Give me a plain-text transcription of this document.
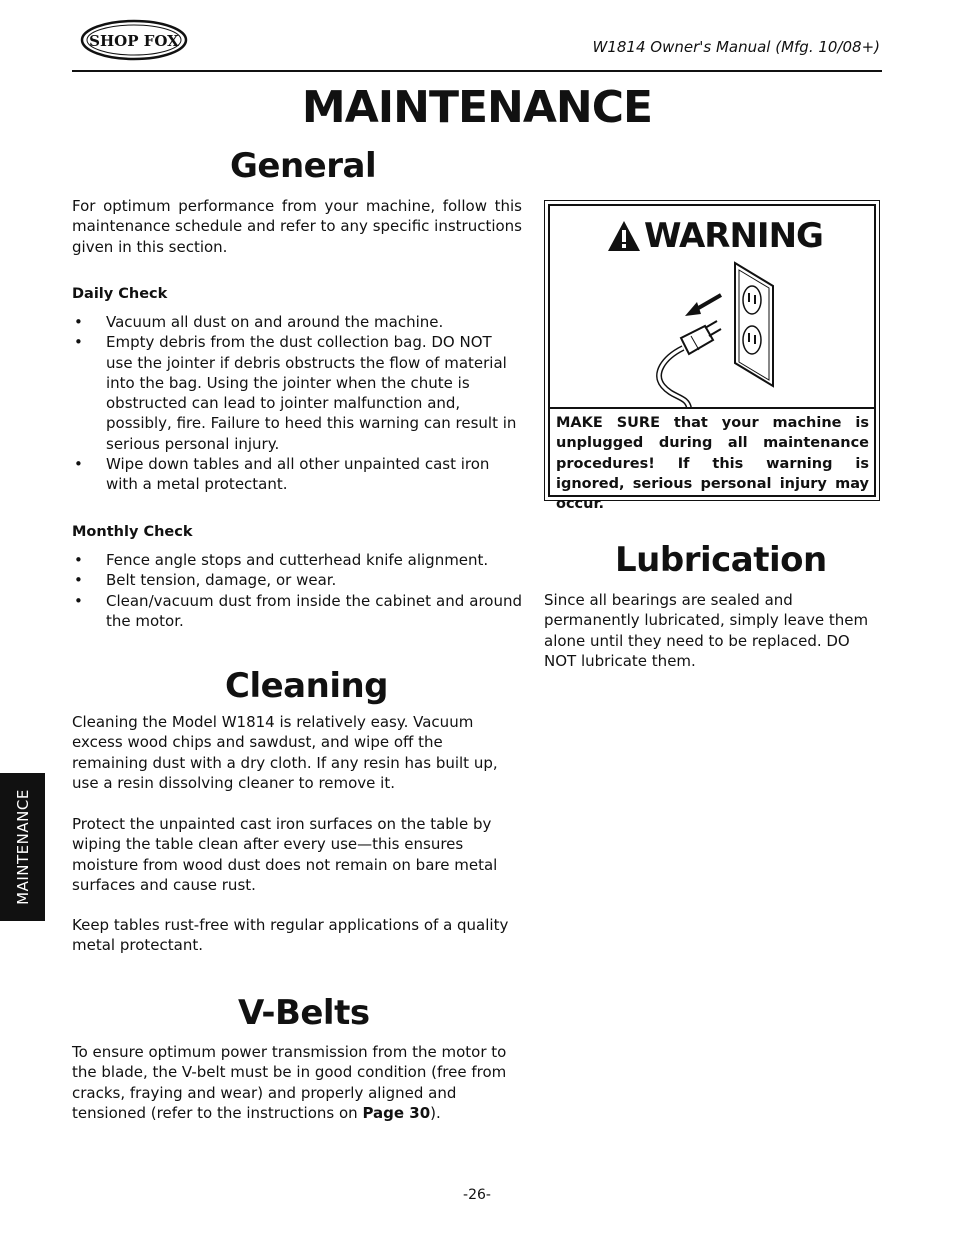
SHOP FOX	W1814 Owner's Manual (Mfg. 10/08+)
MAINTENANCE
General

For optimum performance from your machine, follow this maintenance schedule and refer to any specific instructions given in this section.

Daily Check

• Vacuum all dust on and around the machine.
• Empty debris from the dust collection bag. DO NOT use the jointer if debris obstructs the flow of material into the bag. Using the jointer when the chute is obstructed can lead to jointer malfunction and, possibly, fire. Failure to heed this warning can result in serious personal injury.
• Wipe down tables and all other unpainted cast iron with a metal protectant.

Monthly Check

• Fence angle stops and cutterhead knife alignment.
• Belt tension, damage, or wear.
• Clean/vacuum dust from inside the cabinet and around the motor.
WARNING

MAKE SURE that your machine is unplugged during all maintenance procedures! If this warning is ignored, serious personal injury may occur.

Lubrication

Since all bearings are sealed and permanently lubricated, simply leave them alone until they need to be replaced. DO NOT lubricate them.

Cleaning

Cleaning the Model W1814 is relatively easy. Vacuum excess wood chips and sawdust, and wipe off the remaining dust with a dry cloth. If any resin has built up, use a resin dissolving cleaner to remove it.

Protect the unpainted cast iron surfaces on the table by wiping the table clean after every use—this ensures moisture from wood dust does not remain on bare metal surfaces and cause rust.

Keep tables rust-free with regular applications of a quality metal protectant.

V-Belts

To ensure optimum power transmission from the motor to the blade, the V-belt must be in good condition (free from cracks, fraying and wear) and properly aligned and tensioned (refer to the instructions on Page 30).

MAINTENANCE
-26-
